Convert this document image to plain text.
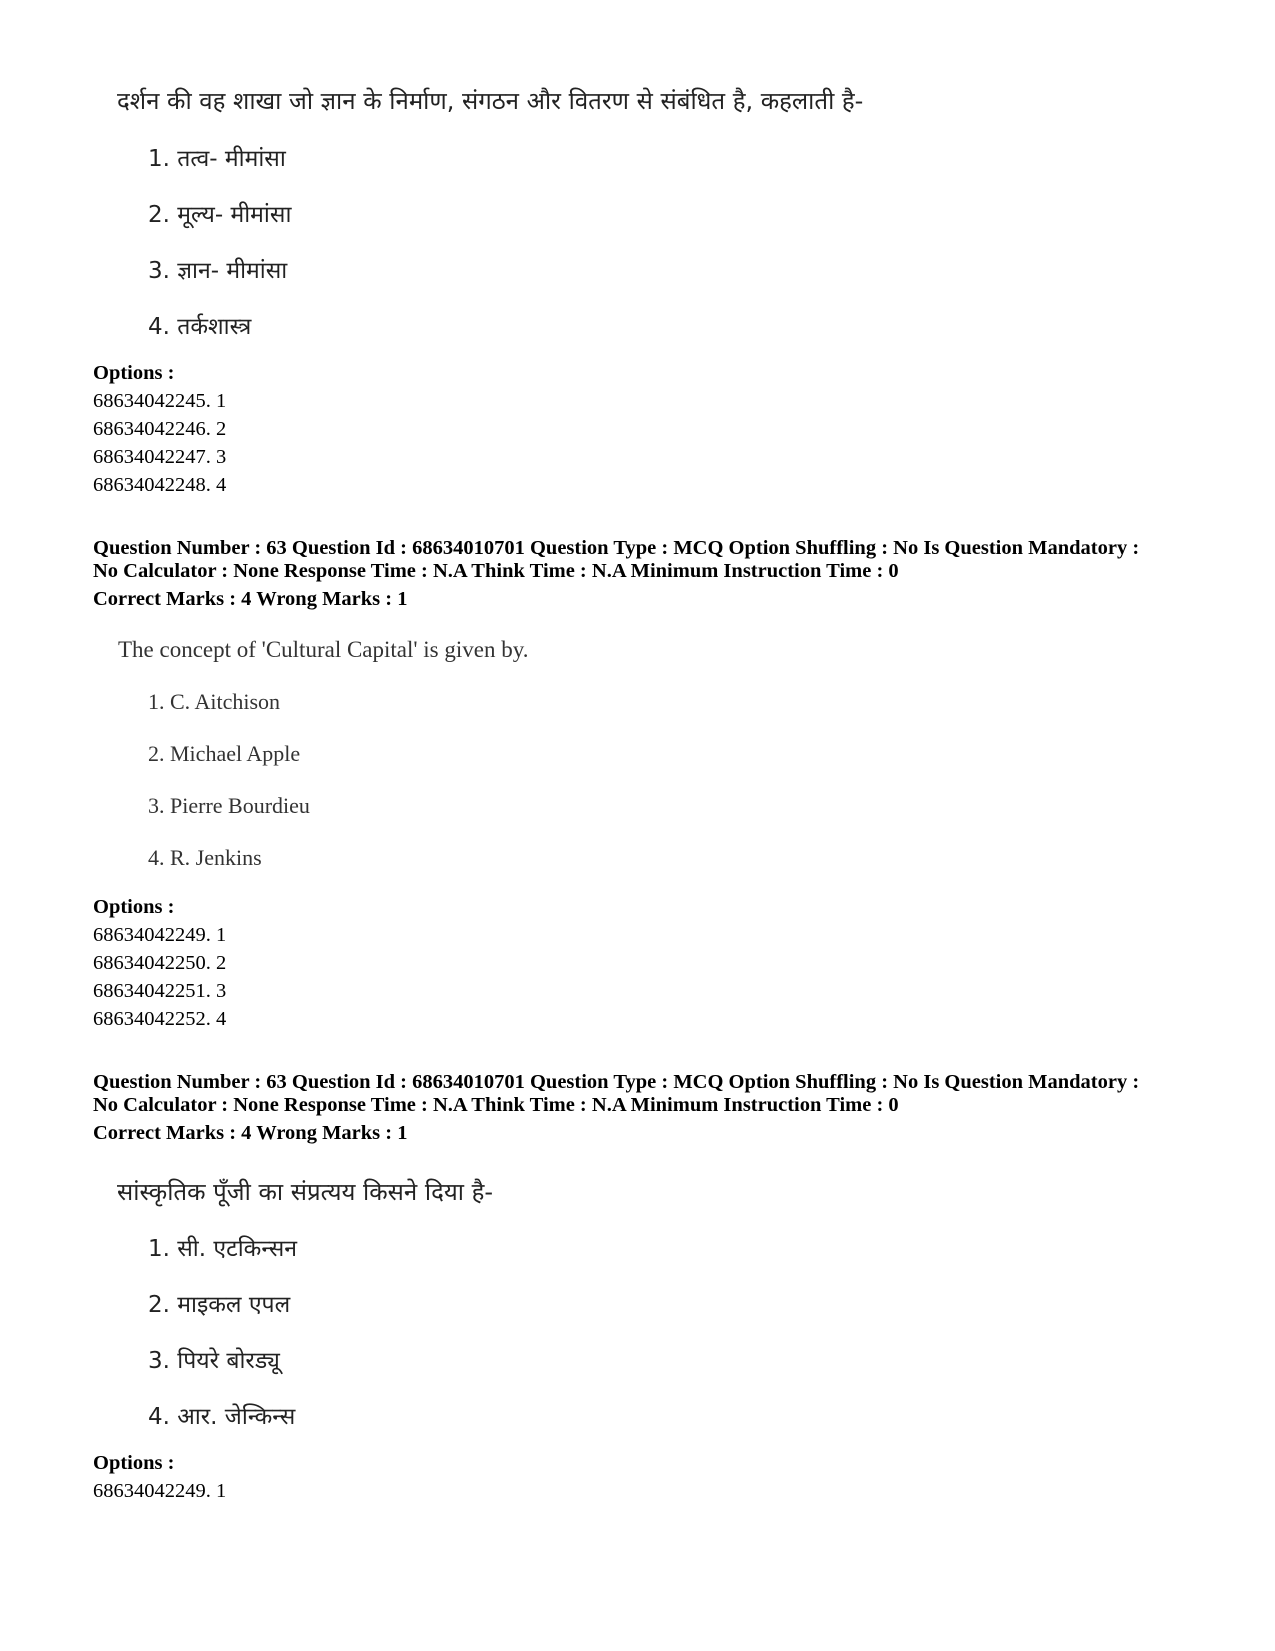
दर्शन की वह शाखा जो ज्ञान के निर्माण, संगठन और वितरण से संबंधित है, कहलाती है-
1. तत्व- मीमांसा
2. मूल्य- मीमांसा
3. ज्ञान- मीमांसा
4. तर्कशास्त्र
Options :
68634042245. 1
68634042246. 2
68634042247. 3
68634042248. 4
Question Number : 63 Question Id : 68634010701 Question Type : MCQ Option Shuffling : No Is Question Mandatory :
No Calculator : None Response Time : N.A Think Time : N.A Minimum Instruction Time : 0
Correct Marks : 4 Wrong Marks : 1
The concept of 'Cultural Capital' is given by.
1. C. Aitchison
2. Michael Apple
3. Pierre Bourdieu
4. R. Jenkins
Options :
68634042249. 1
68634042250. 2
68634042251. 3
68634042252. 4
Question Number : 63 Question Id : 68634010701 Question Type : MCQ Option Shuffling : No Is Question Mandatory :
No Calculator : None Response Time : N.A Think Time : N.A Minimum Instruction Time : 0
Correct Marks : 4 Wrong Marks : 1
सांस्कृतिक पूँजी का संप्रत्यय किसने दिया है-
1. सी. एटकिन्सन
2. माइकल एपल
3. पियरे बोरड्यू
4. आर. जेन्किन्स
Options :
68634042249. 1
